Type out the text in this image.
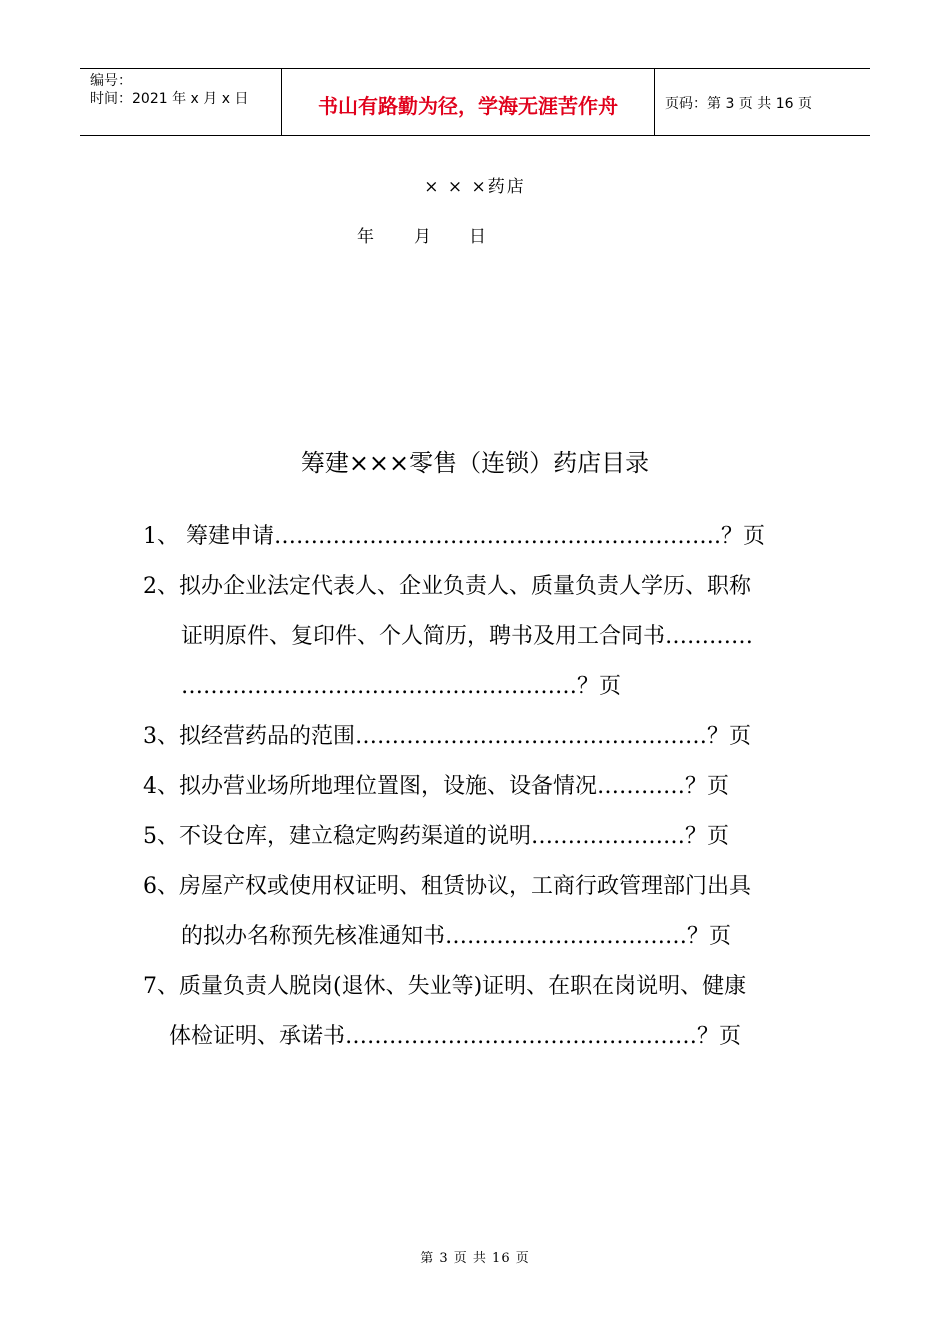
编号：
时间：2021 年 x 月 x 日	书山有路勤为径，学海无涯苦作舟	页码：第 3 页 共 16 页
× × ×药店
年	月	日
筹建×××零售（连锁）药店目录
1、 筹建申请…………………………………………………….？页
2、拟办企业法定代表人、企业负责人、质量负责人学历、职称
证明原件、复印件、个人简历，聘书及用工合同书…………
………………………………………………？页
3、拟经营药品的范围…………………………………………？页
4、拟办营业场所地理位置图，设施、设备情况…………？页
5、不设仓库，建立稳定购药渠道的说明…………………？页
6、房屋产权或使用权证明、租赁协议，工商行政管理部门出具
的拟办名称预先核准通知书……………………………？页
7、质量负责人脱岗(退休、失业等)证明、在职在岗说明、健康
体检证明、承诺书…………………………………………？页
第 3 页 共 16 页
